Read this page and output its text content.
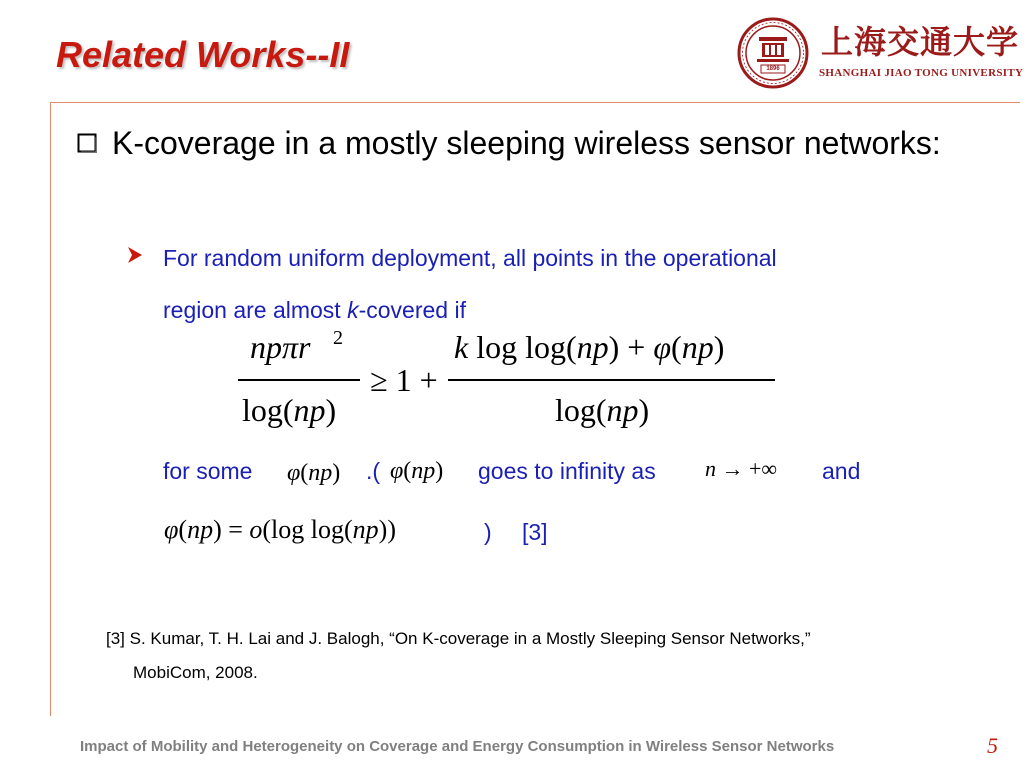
Related Works--II	1896
上海交通大学
SHANGHAI JIAO TONG UNIVERSITY
K-coverage in a mostly sleeping wireless sensor networks:
For random uniform deployment, all points in the operational
region are almost k-covered if
npπr 2
log(np)
≥ 1 +
k log log(np) + φ(np)
log(np)
for some φ(np) .( φ(np) goes to infinity as n → +∞ and
φ(np) = o(log log(np))	) [3]
[3] S. Kumar, T. H. Lai and J. Balogh, “On K-coverage in a Mostly Sleeping Sensor Networks,”
MobiCom, 2008.
Impact of Mobility and Heterogeneity on Coverage and Energy Consumption in Wireless Sensor Networks	5
